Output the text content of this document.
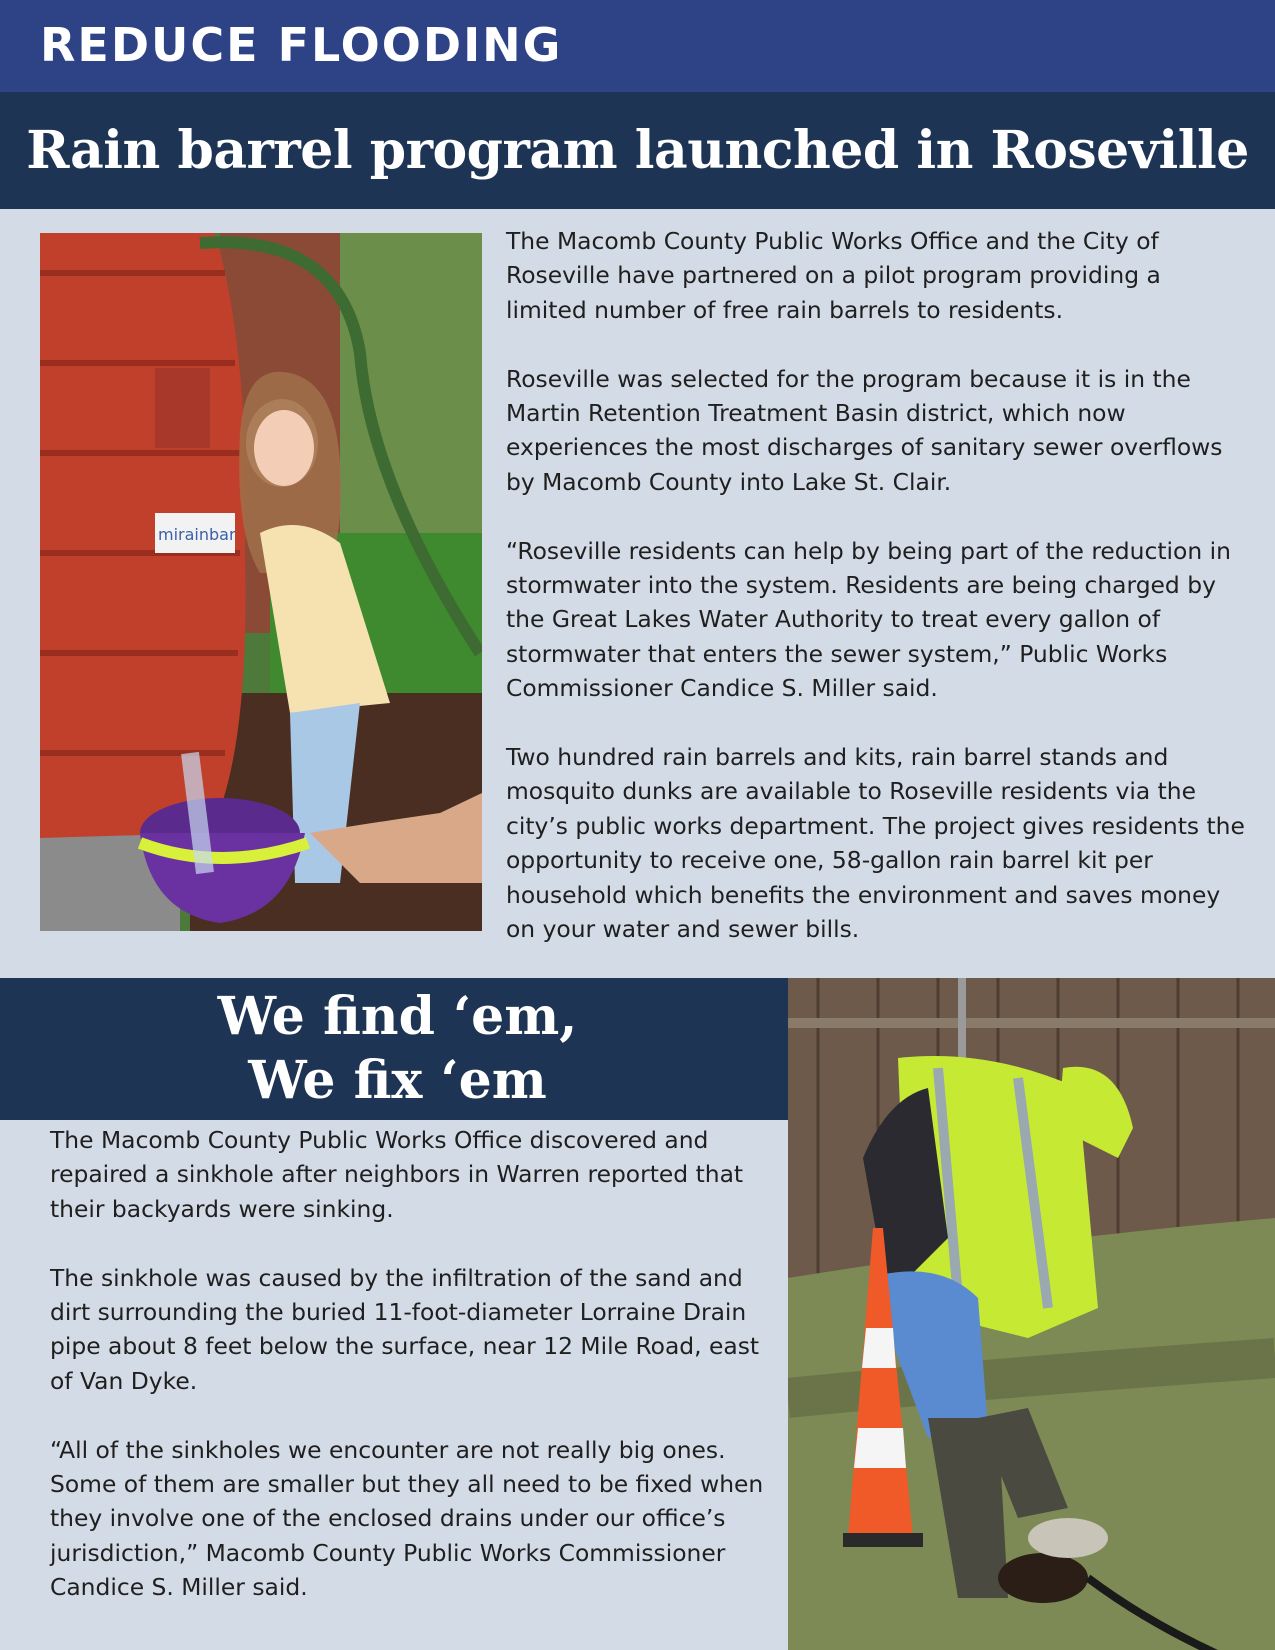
REDUCE FLOODING
Rain barrel program launched in Roseville
mirainbar

The Macomb County Public Works Office and the City of Roseville have partnered on a pilot program providing a limited number of free rain barrels to residents.

Roseville was selected for the program because it is in the Martin Retention Treatment Basin district, which now experiences the most discharges of sanitary sewer overflows by Macomb County into Lake St. Clair.

“Roseville residents can help by being part of the reduction in stormwater into the system. Residents are being charged by the Great Lakes Water Authority to treat every gallon of stormwater that enters the sewer system,” Public Works Commissioner Candice S. Miller said.

Two hundred rain barrels and kits, rain barrel stands and mosquito dunks are available to Roseville residents via the city’s public works department. The project gives residents the opportunity to receive one, 58-gallon rain barrel kit per household which benefits the environment and saves money on your water and sewer bills.

We find ‘em,
We fix ‘em

The Macomb County Public Works Office discovered and repaired a sinkhole after neighbors in Warren reported that their backyards were sinking.

The sinkhole was caused by the infiltration of the sand and dirt surrounding the buried 11-foot-diameter Lorraine Drain pipe about 8 feet below the surface, near 12 Mile Road, east of Van Dyke.

“All of the sinkholes we encounter are not really big ones. Some of them are smaller but they all need to be fixed when they involve one of the enclosed drains under our office’s jurisdiction,” Macomb County Public Works Commissioner Candice S. Miller said.
